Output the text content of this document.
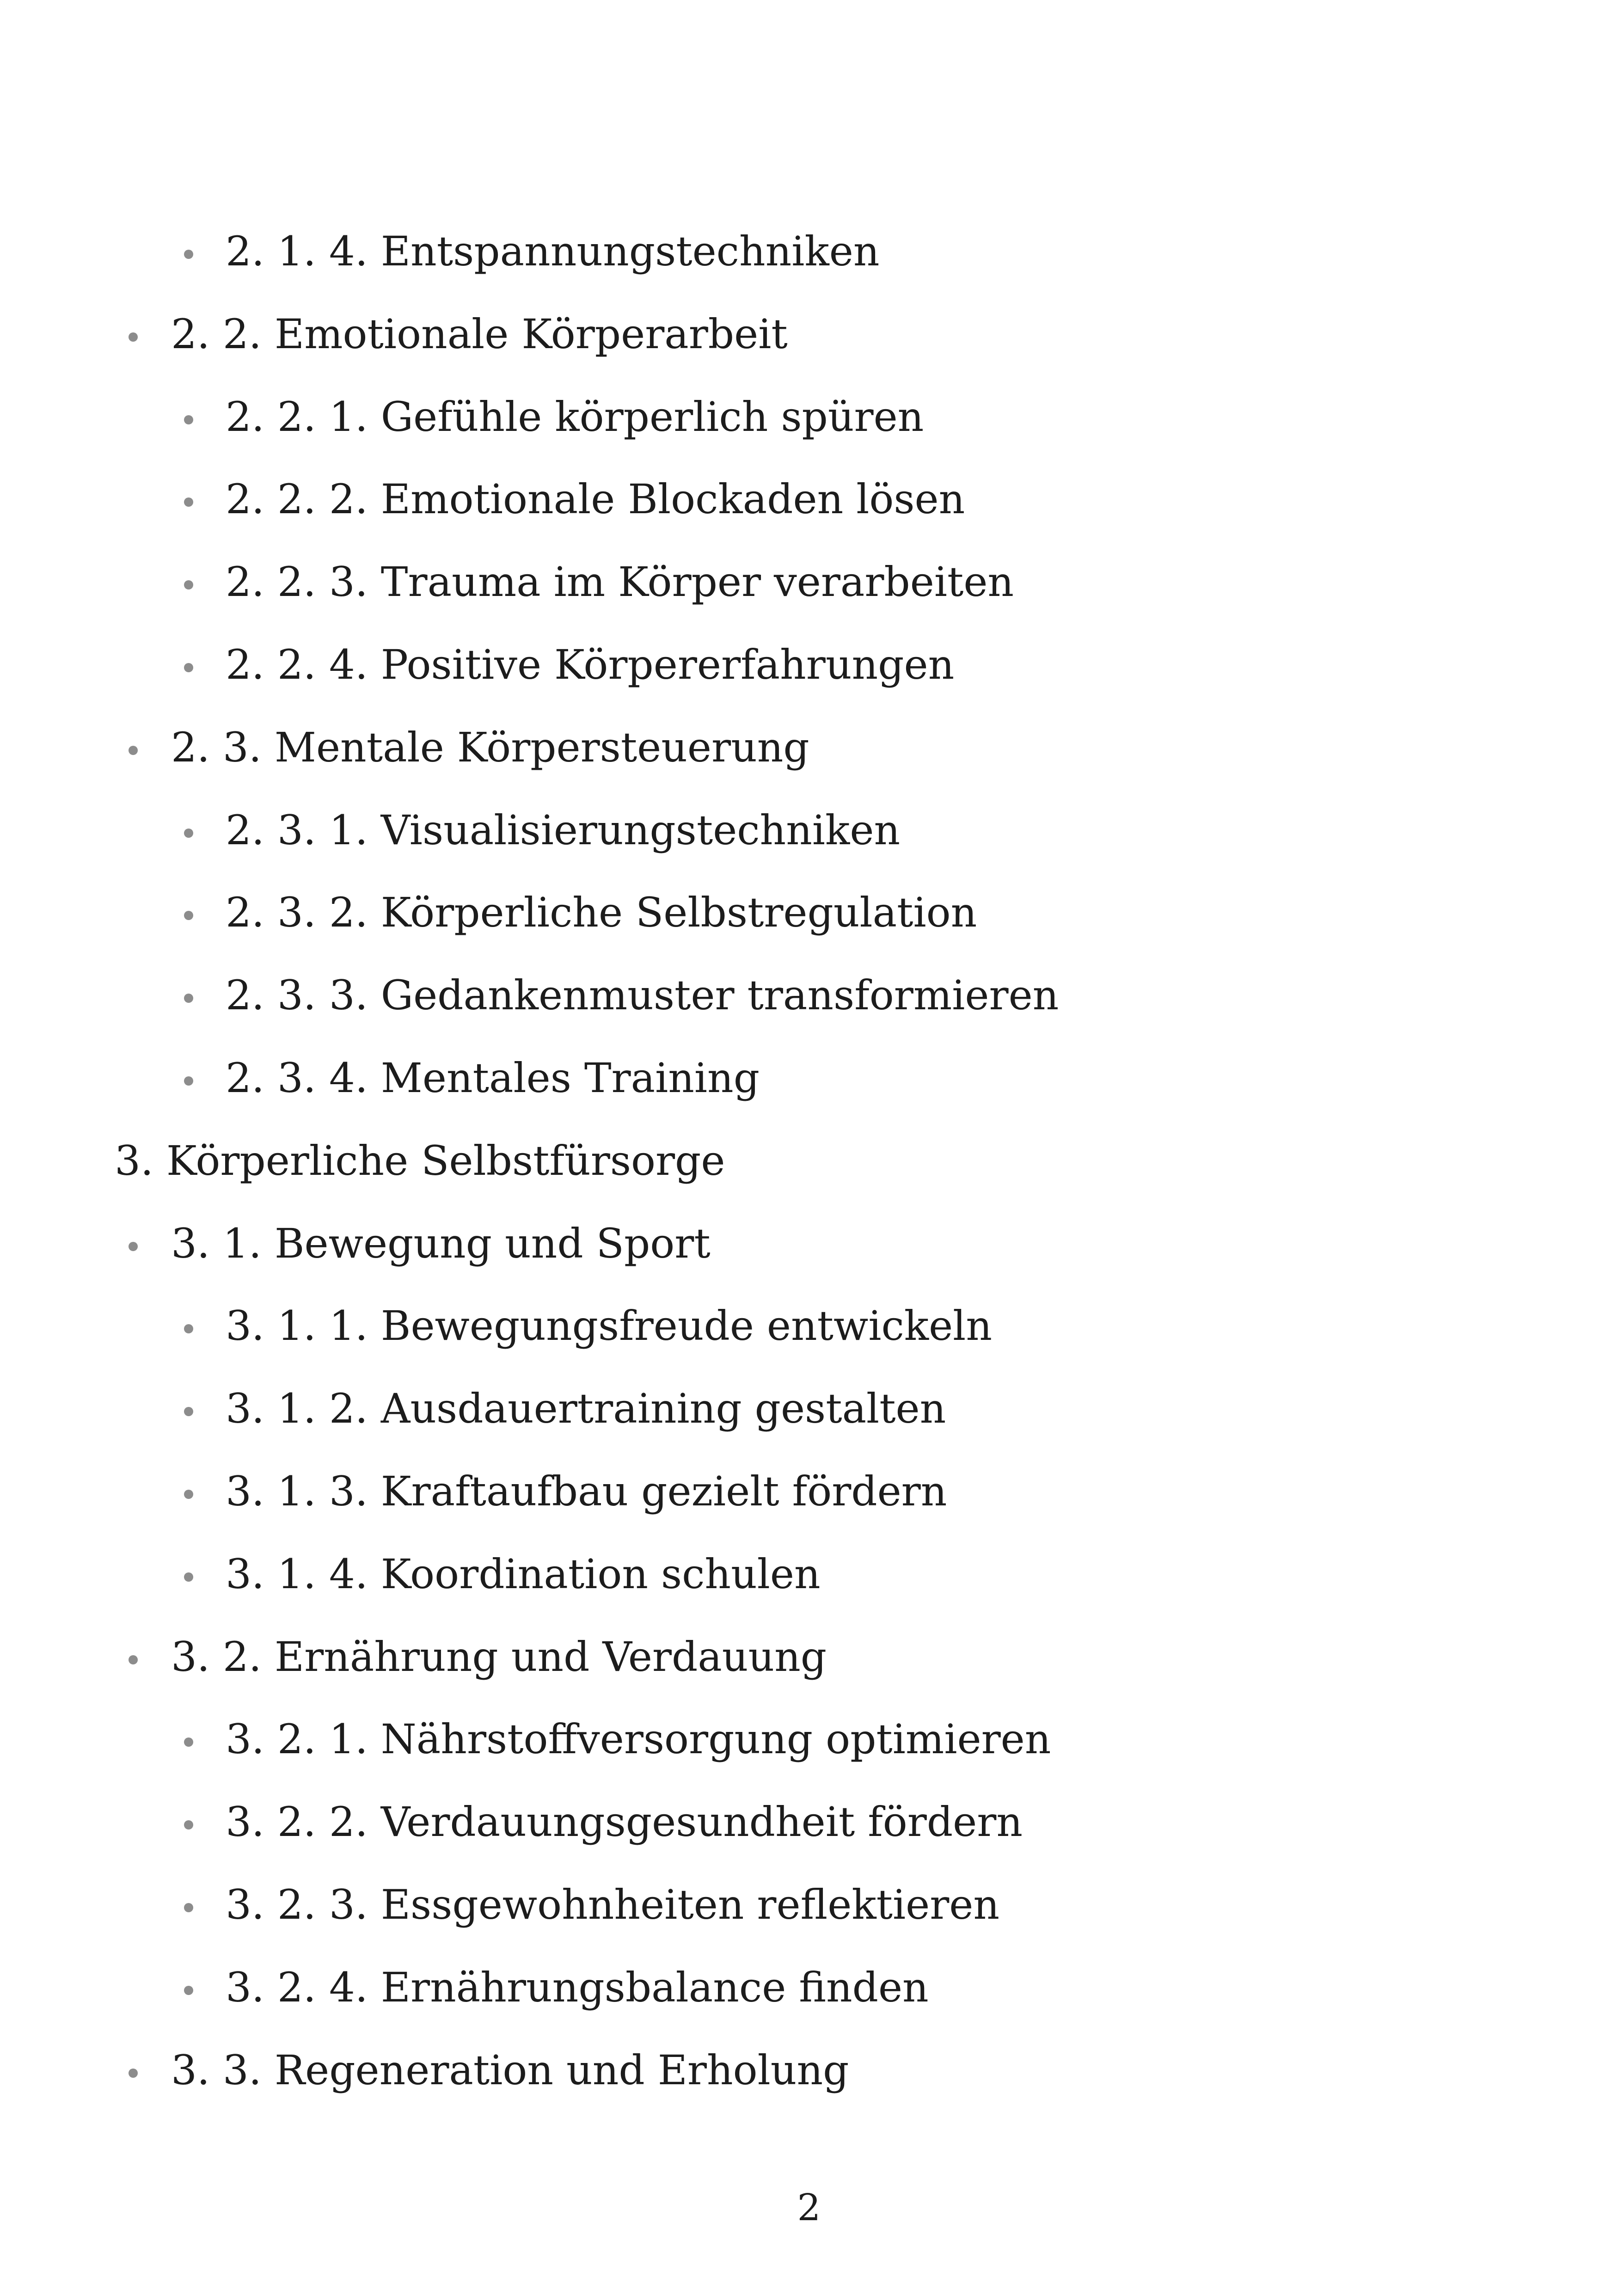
2. 1. 4. Entspannungstechniken
2. 2. Emotionale Körperarbeit
2. 2. 1. Gefühle körperlich spüren
2. 2. 2. Emotionale Blockaden lösen
2. 2. 3. Trauma im Körper verarbeiten
2. 2. 4. Positive Körpererfahrungen
2. 3. Mentale Körpersteuerung
2. 3. 1. Visualisierungstechniken
2. 3. 2. Körperliche Selbstregulation
2. 3. 3. Gedankenmuster transformieren
2. 3. 4. Mentales Training
3. Körperliche Selbstfürsorge
3. 1. Bewegung und Sport
3. 1. 1. Bewegungsfreude entwickeln
3. 1. 2. Ausdauertraining gestalten
3. 1. 3. Kraftaufbau gezielt fördern
3. 1. 4. Koordination schulen
3. 2. Ernährung und Verdauung
3. 2. 1. Nährstoffversorgung optimieren
3. 2. 2. Verdauungsgesundheit fördern
3. 2. 3. Essgewohnheiten reflektieren
3. 2. 4. Ernährungsbalance finden
3. 3. Regeneration und Erholung
2
